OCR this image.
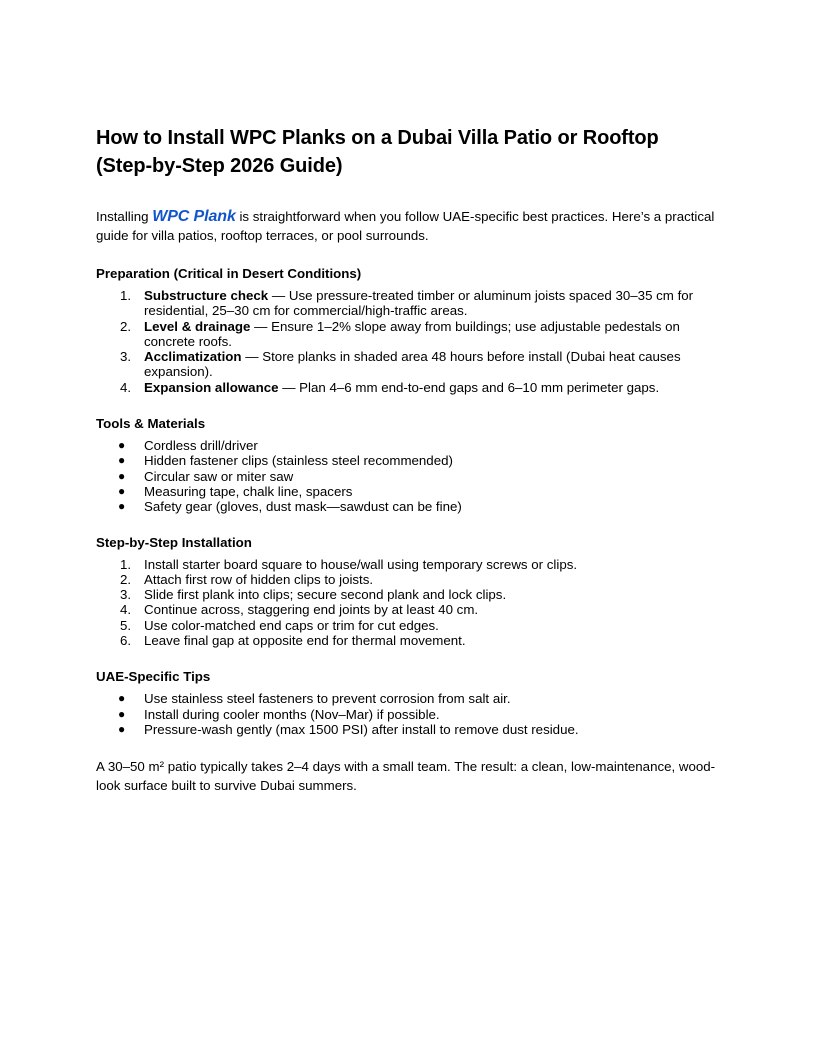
How to Install WPC Planks on a Dubai Villa Patio or Rooftop (Step-by-Step 2026 Guide)

Installing WPC Plank is straightforward when you follow UAE-specific best practices. Here’s a practical guide for villa patios, rooftop terraces, or pool surrounds.

Preparation (Critical in Desert Conditions)
1. Substructure check — Use pressure-treated timber or aluminum joists spaced 30–35 cm for residential, 25–30 cm for commercial/high-traffic areas.
2. Level & drainage — Ensure 1–2% slope away from buildings; use adjustable pedestals on concrete roofs.
3. Acclimatization — Store planks in shaded area 48 hours before install (Dubai heat causes expansion).
4. Expansion allowance — Plan 4–6 mm end-to-end gaps and 6–10 mm perimeter gaps.
Tools & Materials
● Cordless drill/driver
● Hidden fastener clips (stainless steel recommended)
● Circular saw or miter saw
● Measuring tape, chalk line, spacers
● Safety gear (gloves, dust mask—sawdust can be fine)
Step-by-Step Installation
1. Install starter board square to house/wall using temporary screws or clips.
2. Attach first row of hidden clips to joists.
3. Slide first plank into clips; secure second plank and lock clips.
4. Continue across, staggering end joints by at least 40 cm.
5. Use color-matched end caps or trim for cut edges.
6. Leave final gap at opposite end for thermal movement.
UAE-Specific Tips
● Use stainless steel fasteners to prevent corrosion from salt air.
● Install during cooler months (Nov–Mar) if possible.
● Pressure-wash gently (max 1500 PSI) after install to remove dust residue.

A 30–50 m² patio typically takes 2–4 days with a small team. The result: a clean, low-maintenance, wood-look surface built to survive Dubai summers.
